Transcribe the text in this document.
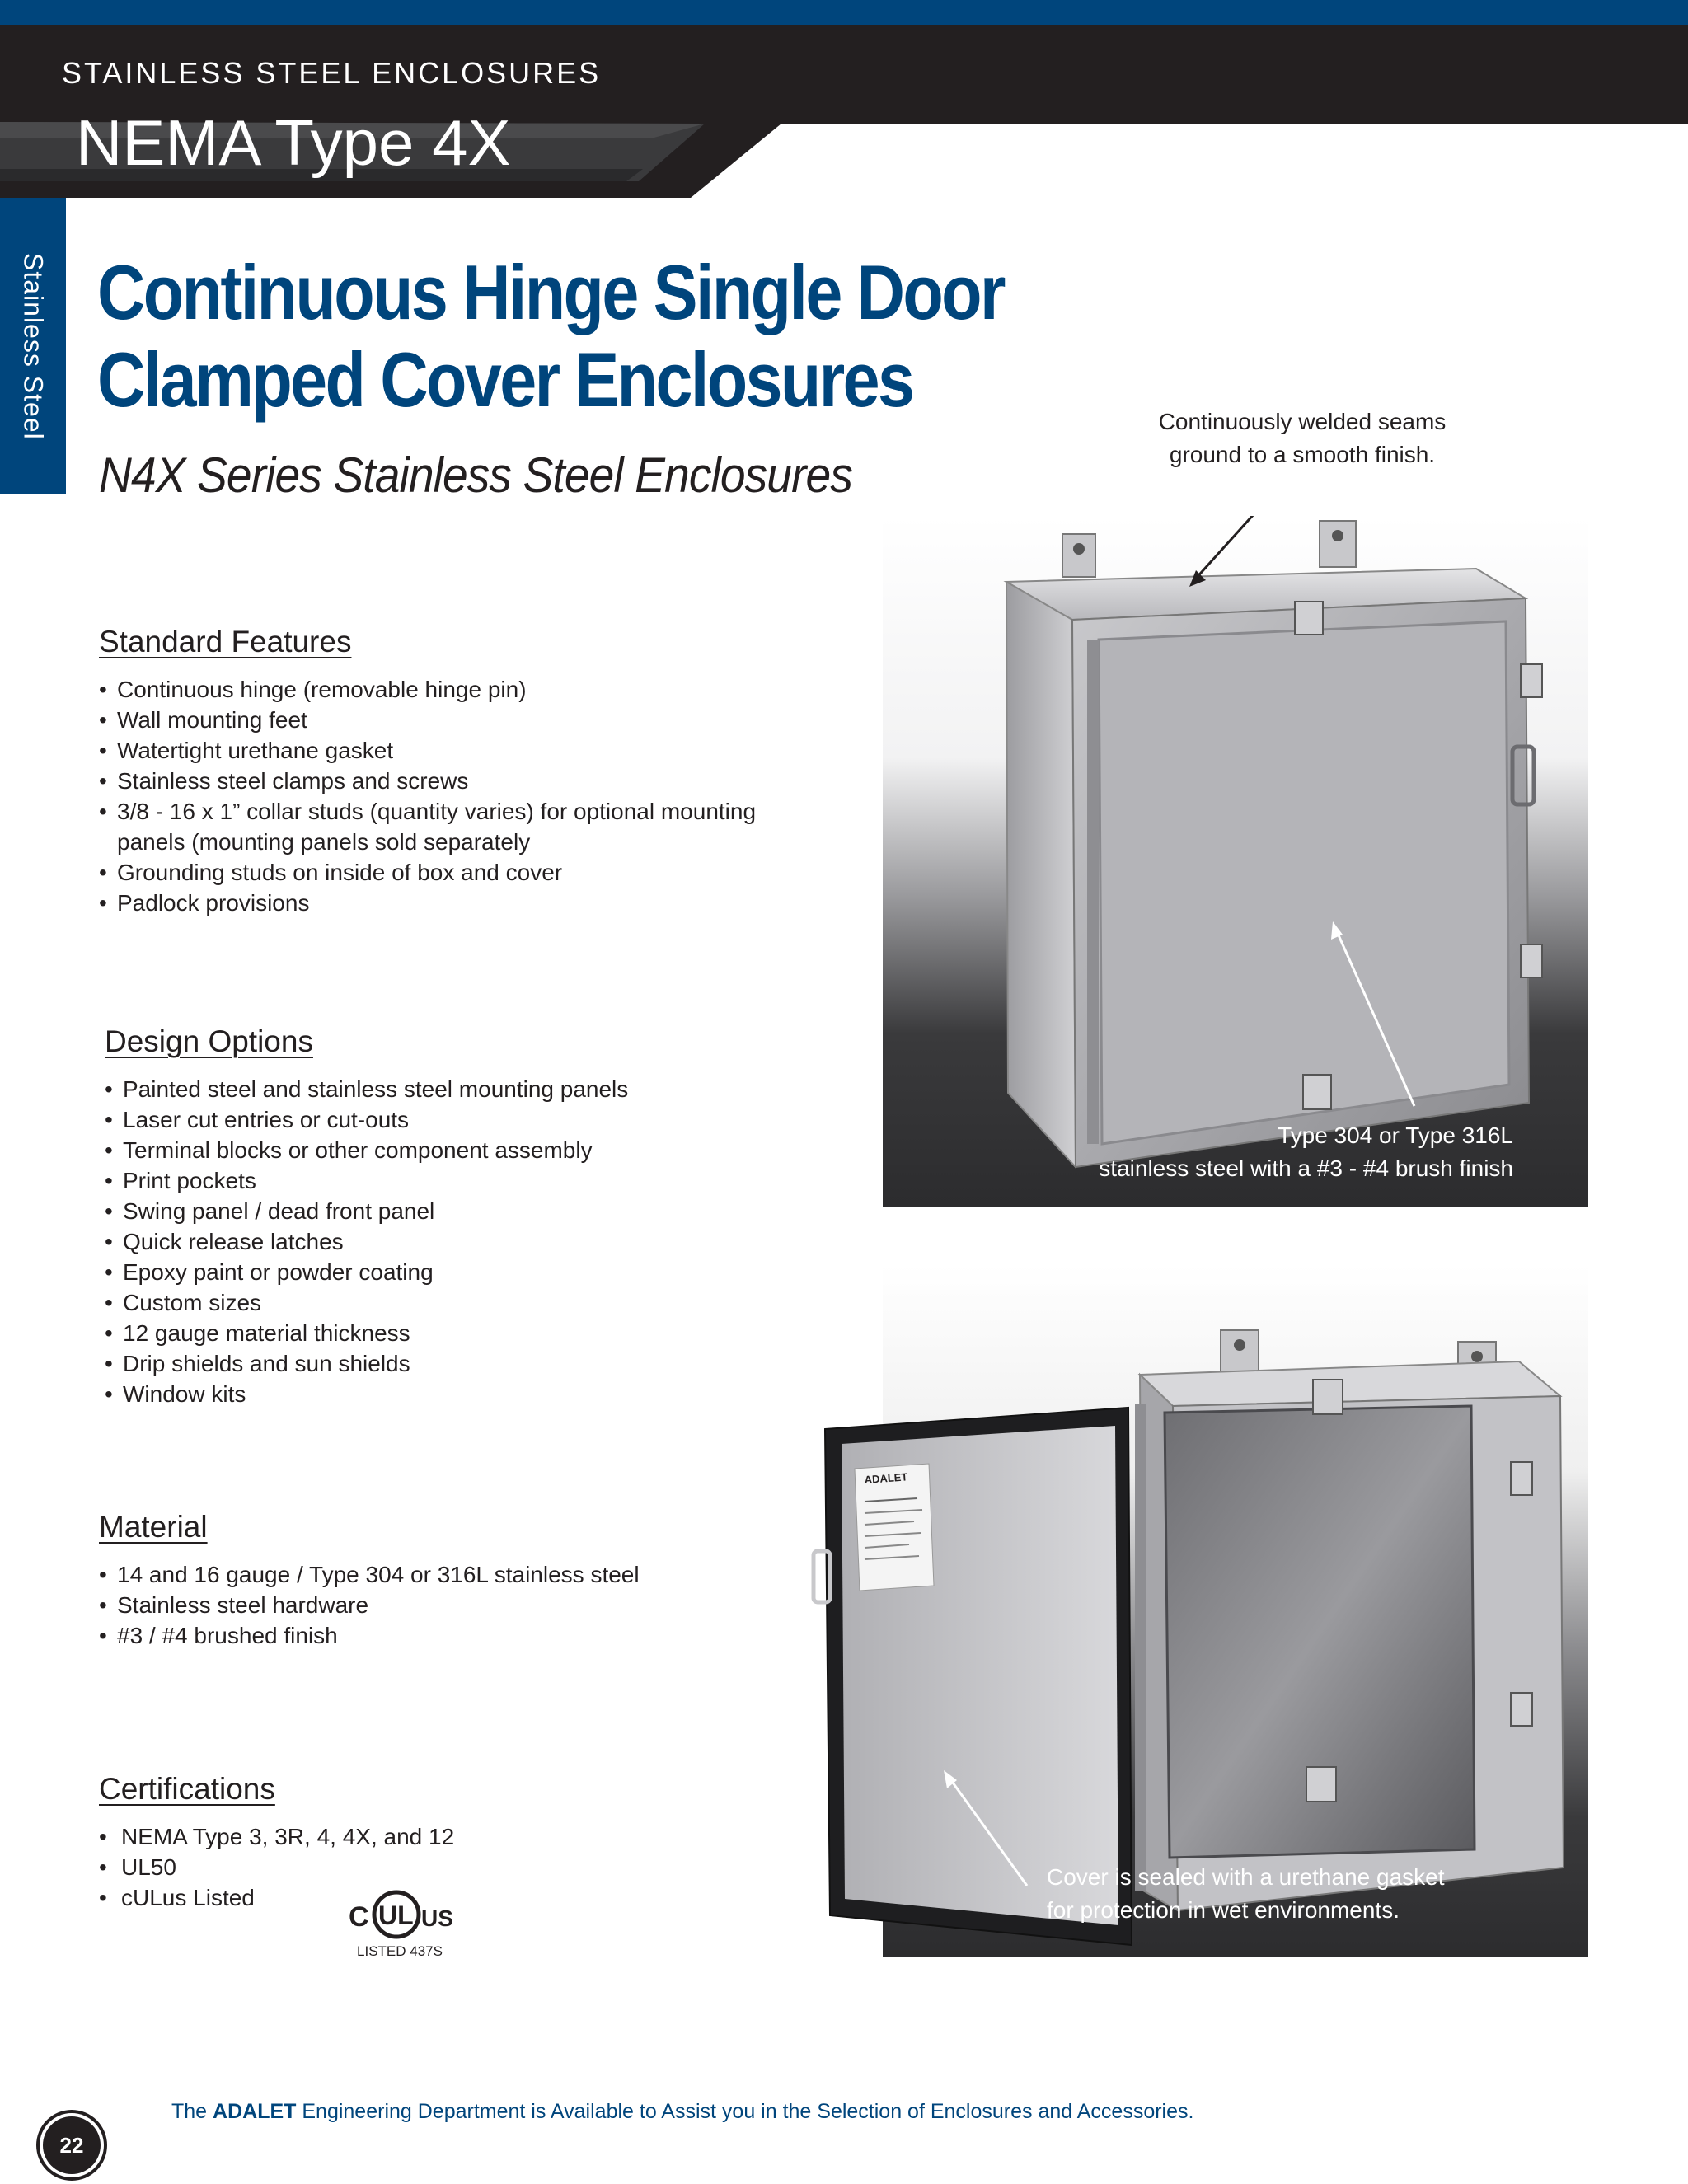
STAINLESS STEEL ENCLOSURES
NEMA Type 4X
Stainless Steel Continuous Hinge Single Door
Clamped Cover Enclosures
N4X Series Stainless Steel Enclosures
Standard Features
• Continuous hinge (removable hinge pin)
• Wall mounting feet
• Watertight urethane gasket
• Stainless steel clamps and screws
• 3/8 - 16 x 1” collar studs (quantity varies) for optional mounting panels (mounting panels sold separately
• Grounding studs on inside of box and cover
• Padlock provisions
Design Options
• Painted steel and stainless steel mounting panels
• Laser cut entries or cut-outs
• Terminal blocks or other component assembly
• Print pockets
• Swing panel / dead front panel
• Quick release latches
• Epoxy paint or powder coating
• Custom sizes
• 12 gauge material thickness
• Drip shields and sun shields
• Window kits
Material
• 14 and 16 gauge / Type 304 or 316L stainless steel
• Stainless steel hardware
• #3 / #4 brushed finish
Certifications
• NEMA Type 3, 3R, 4, 4X, and 12
• UL50
• cULus Listed
C UL US
LISTED 437S
ADALET
Continuously welded seams
ground to a smooth finish.
Type 304 or Type 316L
stainless steel with a #3 - #4 brush finish
Cover is sealed with a urethane gasket
for protection in wet environments.
22
The ADALET Engineering Department is Available to Assist you in the Selection of Enclosures and Accessories.
